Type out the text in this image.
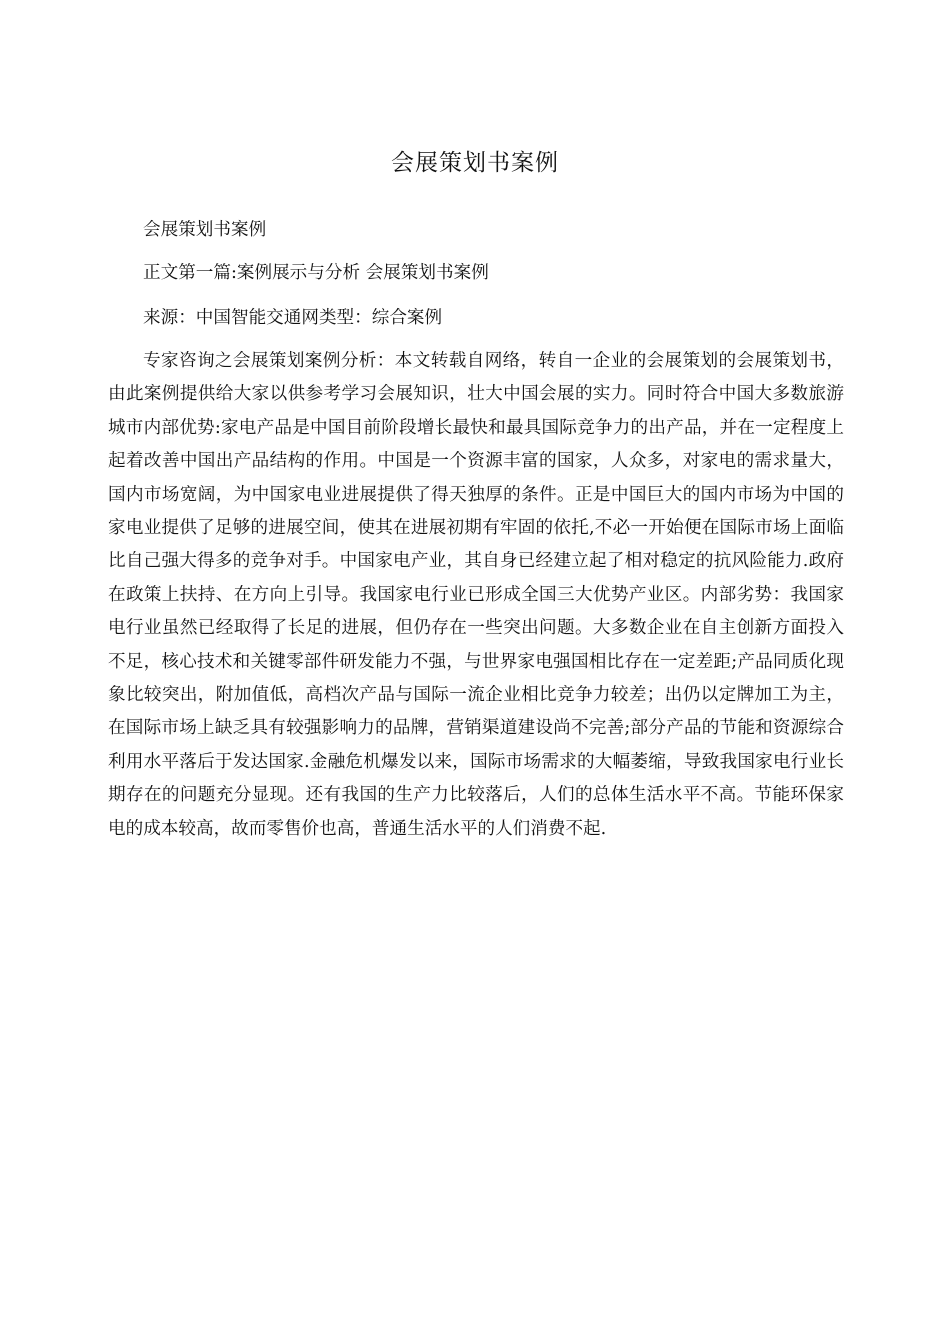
会展策划书案例

会展策划书案例

正文第一篇:案例展示与分析 会展策划书案例

来源：中国智能交通网类型：综合案例

专家咨询之会展策划案例分析：本文转载自网络，转自一企业的会展策划的会展策划书，由此案例提供给大家以供参考学习会展知识，壮大中国会展的实力。同时符合中国大多数旅游城市内部优势:家电产品是中国目前阶段增长最快和最具国际竞争力的出产品，并在一定程度上起着改善中国出产品结构的作用。中国是一个资源丰富的国家，人众多，对家电的需求量大，国内市场宽阔，为中国家电业进展提供了得天独厚的条件。正是中国巨大的国内市场为中国的家电业提供了足够的进展空间，使其在进展初期有牢固的依托,不必一开始便在国际市场上面临比自己强大得多的竞争对手。中国家电产业，其自身已经建立起了相对稳定的抗风险能力.政府在政策上扶持、在方向上引导。我国家电行业已形成全国三大优势产业区。内部劣势：我国家电行业虽然已经取得了长足的进展，但仍存在一些突出问题。大多数企业在自主创新方面投入不足，核心技术和关键零部件研发能力不强，与世界家电强国相比存在一定差距;产品同质化现象比较突出，附加值低，高档次产品与国际一流企业相比竞争力较差；出仍以定牌加工为主，在国际市场上缺乏具有较强影响力的品牌，营销渠道建设尚不完善;部分产品的节能和资源综合利用水平落后于发达国家.金融危机爆发以来，国际市场需求的大幅萎缩，导致我国家电行业长期存在的问题充分显现。还有我国的生产力比较落后，人们的总体生活水平不高。节能环保家电的成本较高，故而零售价也高，普通生活水平的人们消费不起.
